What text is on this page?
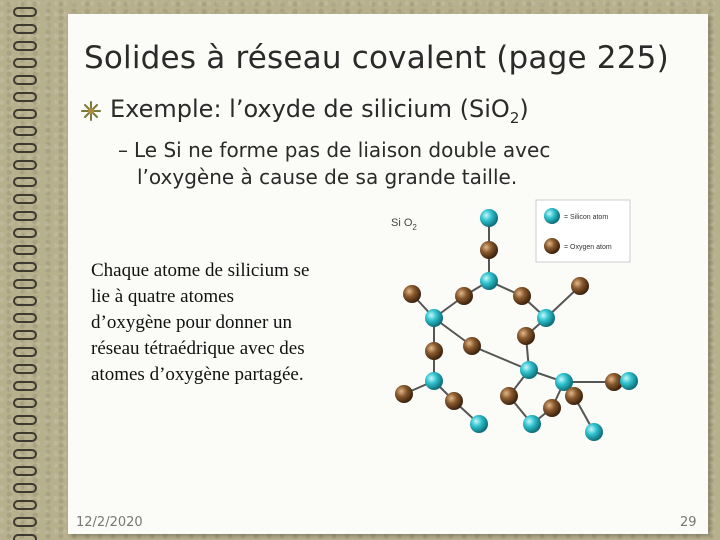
Solides à réseau covalent (page 225)
Exemple: l’oxyde de silicium (SiO$_2$)
– Le Si ne forme pas de liaison double avec
l’oxygène à cause de sa grande taille.
Chaque atome de silicium se
lie à quatre atomes
d’oxygène pour donner un
réseau tétraédrique avec des
atomes d’oxygène partagée.
Si $O_2$
= Silicon atom
= Oxygen atom
12/2/2020	29
